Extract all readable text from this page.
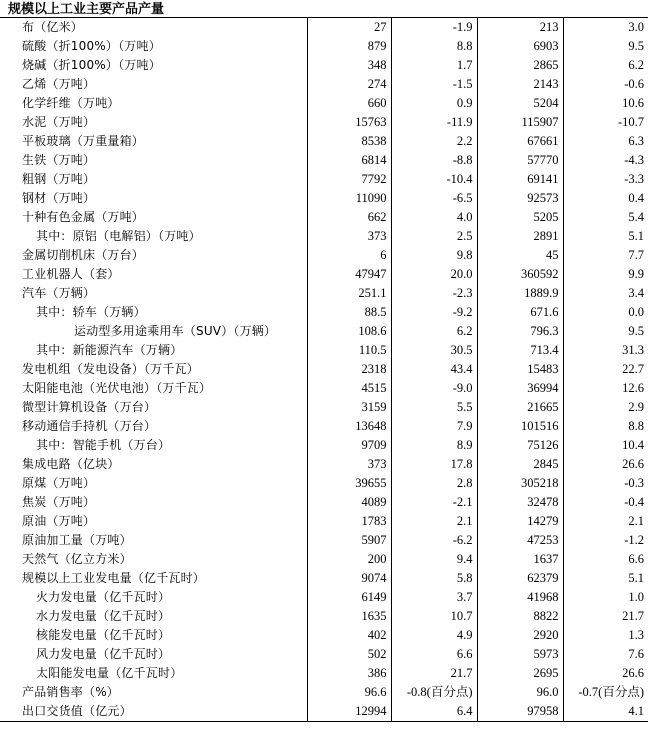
规模以上工业主要产品产量
布（亿米）	27	-1.9	213	3.0
硫酸（折100%）（万吨）	879	8.8	6903	9.5
烧碱（折100%）（万吨）	348	1.7	2865	6.2
乙烯（万吨）	274	-1.5	2143	-0.6
化学纤维（万吨）	660	0.9	5204	10.6
水泥（万吨）	15763	-11.9	115907	-10.7
平板玻璃（万重量箱）	8538	2.2	67661	6.3
生铁（万吨）	6814	-8.8	57770	-4.3
粗钢（万吨）	7792	-10.4	69141	-3.3
钢材（万吨）	11090	-6.5	92573	0.4
十种有色金属（万吨）	662	4.0	5205	5.4
其中：原铝（电解铝）（万吨）	373	2.5	2891	5.1
金属切削机床（万台）	6	9.8	45	7.7
工业机器人（套）	47947	20.0	360592	9.9
汽车（万辆）	251.1	-2.3	1889.9	3.4
其中：轿车（万辆）	88.5	-9.2	671.6	0.0
运动型多用途乘用车（SUV）（万辆）	108.6	6.2	796.3	9.5
其中：新能源汽车（万辆）	110.5	30.5	713.4	31.3
发电机组（发电设备）（万千瓦）	2318	43.4	15483	22.7
太阳能电池（光伏电池）（万千瓦）	4515	-9.0	36994	12.6
微型计算机设备（万台）	3159	5.5	21665	2.9
移动通信手持机（万台）	13648	7.9	101516	8.8
其中：智能手机（万台）	9709	8.9	75126	10.4
集成电路（亿块）	373	17.8	2845	26.6
原煤（万吨）	39655	2.8	305218	-0.3
焦炭（万吨）	4089	-2.1	32478	-0.4
原油（万吨）	1783	2.1	14279	2.1
原油加工量（万吨）	5907	-6.2	47253	-1.2
天然气（亿立方米）	200	9.4	1637	6.6
规模以上工业发电量（亿千瓦时）	9074	5.8	62379	5.1
火力发电量（亿千瓦时）	6149	3.7	41968	1.0
水力发电量（亿千瓦时）	1635	10.7	8822	21.7
核能发电量（亿千瓦时）	402	4.9	2920	1.3
风力发电量（亿千瓦时）	502	6.6	5973	7.6
太阳能发电量（亿千瓦时）	386	21.7	2695	26.6
产品销售率（%）	96.6	-0.8(百分点)	96.0	-0.7(百分点)
出口交货值（亿元）	12994	6.4	97958	4.1
